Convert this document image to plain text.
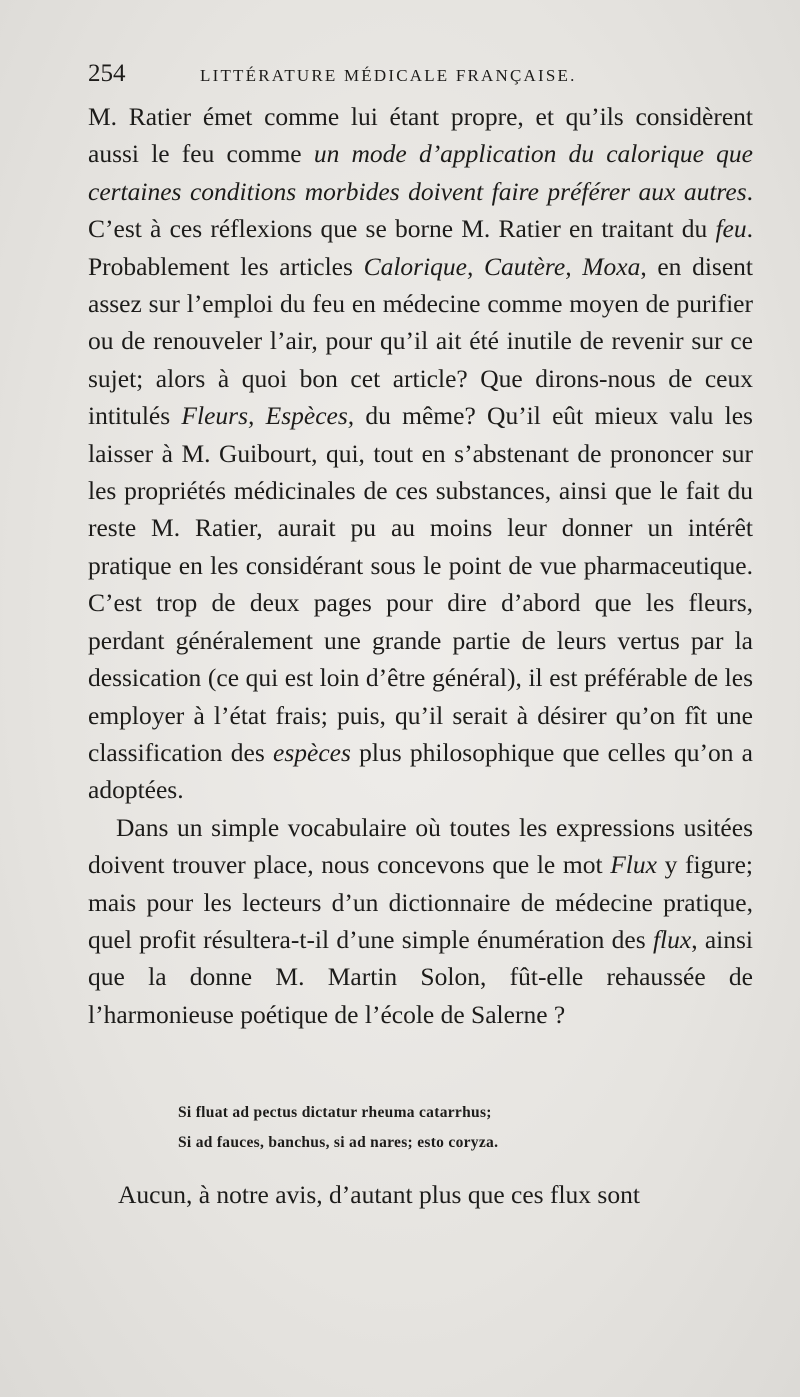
254	LITTÉRATURE MÉDICALE FRANÇAISE.

M. Ratier émet comme lui étant propre, et qu’ils considèrent aussi le feu comme un mode d’application du calorique que certaines conditions morbides doivent faire préférer aux autres. C’est à ces réflexions que se borne M. Ratier en traitant du feu. Probablement les articles Calorique, Cautère, Moxa, en disent assez sur l’emploi du feu en médecine comme moyen de purifier ou de renouveler l’air, pour qu’il ait été inutile de revenir sur ce sujet; alors à quoi bon cet article? Que dirons-nous de ceux intitulés Fleurs, Espèces, du même? Qu’il eût mieux valu les laisser à M. Guibourt, qui, tout en s’abstenant de prononcer sur les propriétés médicinales de ces substances, ainsi que le fait du reste M. Ratier, aurait pu au moins leur donner un intérêt pratique en les considérant sous le point de vue pharmaceutique. C’est trop de deux pages pour dire d’abord que les fleurs, perdant généralement une grande partie de leurs vertus par la dessication (ce qui est loin d’être général), il est préférable de les employer à l’état frais; puis, qu’il serait à désirer qu’on fît une classification des espèces plus philosophique que celles qu’on a adoptées.

Dans un simple vocabulaire où toutes les expressions usitées doivent trouver place, nous concevons que le mot Flux y figure; mais pour les lecteurs d’un dictionnaire de médecine pratique, quel profit résultera-t-il d’une simple énumération des flux, ainsi que la donne M. Martin Solon, fût-elle rehaussée de l’harmonieuse poétique de l’école de Salerne ?

Si fluat ad pectus dictatur rheuma catarrhus;
Si ad fauces, banchus, si ad nares; esto coryza.
Aucun, à notre avis, d’autant plus que ces flux sont
